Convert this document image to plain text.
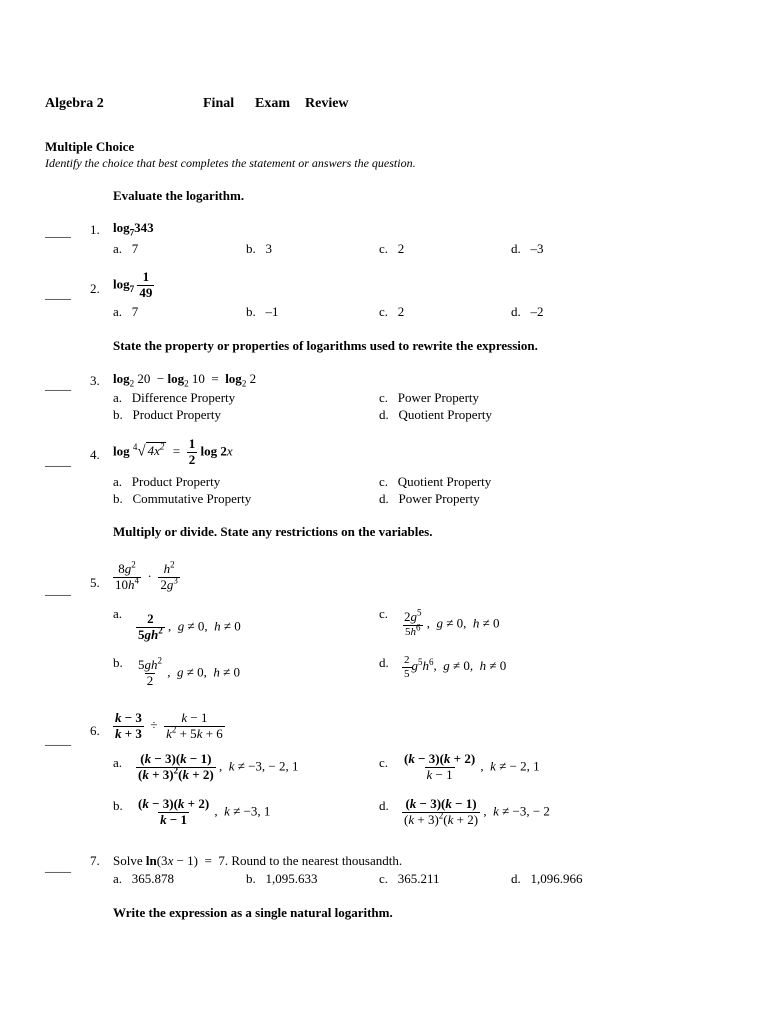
Algebra 2	Final Exam Review
Multiple Choice
Identify the choice that best completes the statement or answers the question.
Evaluate the logarithm.
____ 1. $\log_7343$
a. 7	b. 3	c. 2	d. –3
____ 2. $\log_7 \frac{1}{49}$
a. 7	b. –1	c. 2	d. –2
State the property or properties of logarithms used to rewrite the expression.
____ 3. $\log_2 20 - \log_2 10 = \log_2 2$
a. Difference Property
b. Product Property
c. Power Property
d. Quotient Property
____ 4. log $^4$√ $4x^2 = \frac{1}{2}$ log 2x
a. Product Property
b. Commutative Property
c. Quotient Property
d. Power Property
Multiply or divide. State any restrictions on the variables.
____ 5. $\frac{8g^2}{10h^4} \cdot \frac{h^2}{2g^3}$
a. $\frac{2}{5gh^2}$ ,  g ≠ 0,  h ≠ 0
c. $\frac{2g^5}{5h^6}$ ,  g ≠ 0,  h ≠ 0
b. $\frac{5gh^2}{2}$ ,  g ≠ 0,  h ≠ 0
d. $\frac{2}{5} g^5h^6$,  g ≠ 0,  h ≠ 0
____
6. $\frac{k - 3}{k + 3} \div \frac{k - 1}{k^2 + 5k + 6}$
a. $\frac{(k - 3)(k - 1)}{(k + 3)^2(k + 2)}$ ,  k ≠ −3, − 2, 1	c. $\frac{(k - 3)(k + 2)}{k - 1}$ ,  k ≠ − 2, 1
b. $\frac{(k - 3)(k + 2)}{k - 1}$ ,  k ≠ −3, 1	d. $\frac{(k - 3)(k - 1)}{(k + 3)^2(k + 2)}$ ,  k ≠ −3, − 2
____ 7. Solve ln(3x − 1)  =  7. Round to the nearest thousandth.
a. 365.878	b. 1,095.633	c. 365.211	d. 1,096.966
Write the expression as a single natural logarithm.
